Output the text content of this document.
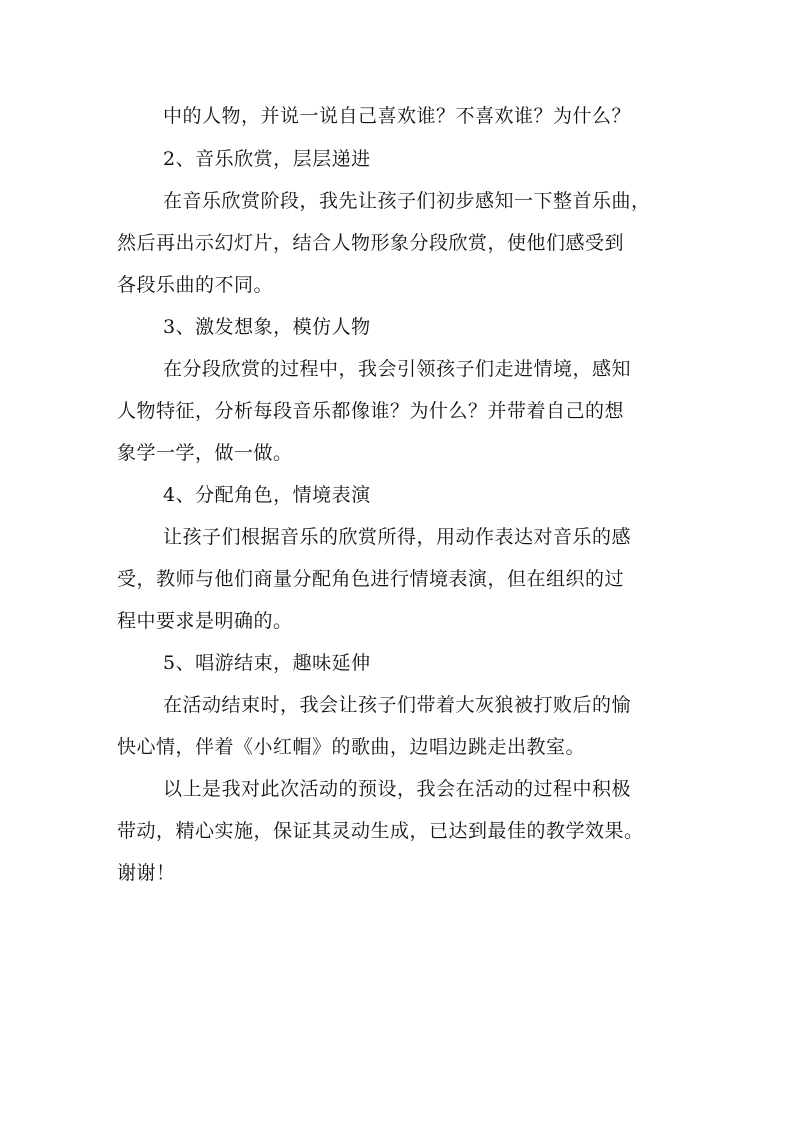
中的人物，并说一说自己喜欢谁？不喜欢谁？为什么？
2、音乐欣赏，层层递进
在音乐欣赏阶段，我先让孩子们初步感知一下整首乐曲，
然后再出示幻灯片，结合人物形象分段欣赏，使他们感受到
各段乐曲的不同。
3、激发想象，模仿人物
在分段欣赏的过程中，我会引领孩子们走进情境，感知
人物特征，分析每段音乐都像谁？为什么？并带着自己的想
象学一学，做一做。
4、分配角色，情境表演
让孩子们根据音乐的欣赏所得，用动作表达对音乐的感
受，教师与他们商量分配角色进行情境表演，但在组织的过
程中要求是明确的。
5、唱游结束，趣味延伸
在活动结束时，我会让孩子们带着大灰狼被打败后的愉
快心情，伴着《小红帽》的歌曲，边唱边跳走出教室。
以上是我对此次活动的预设，我会在活动的过程中积极
带动，精心实施，保证其灵动生成，已达到最佳的教学效果。
谢谢！
